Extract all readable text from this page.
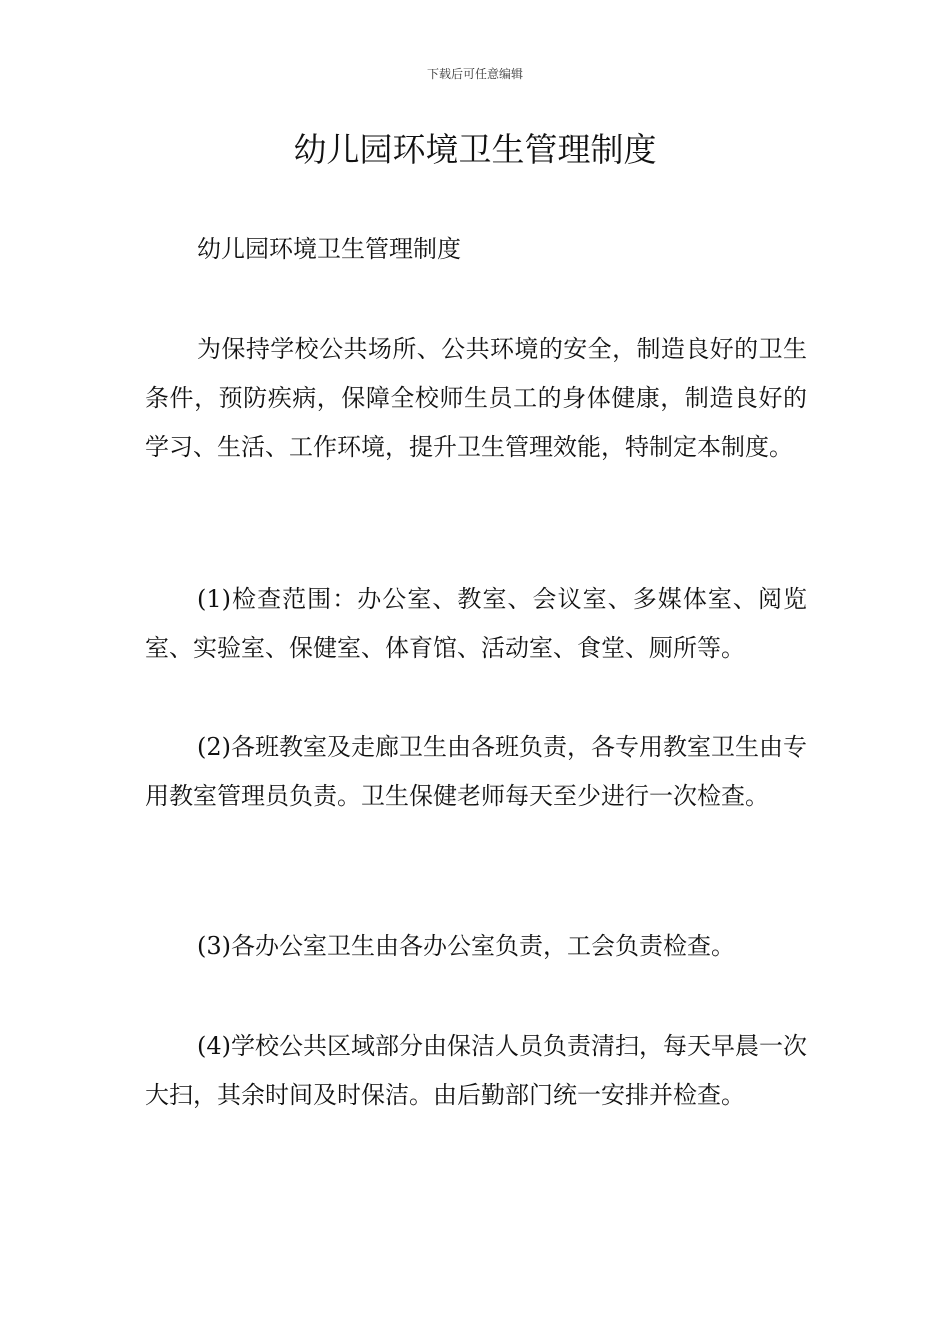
下载后可任意编辑
幼儿园环境卫生管理制度

幼儿园环境卫生管理制度

为保持学校公共场所、公共环境的安全，制造良好的卫生条件，预防疾病，保障全校师生员工的身体健康，制造良好的学习、生活、工作环境，提升卫生管理效能，特制定本制度。

(1)检查范围：办公室、教室、会议室、多媒体室、阅览室、实验室、保健室、体育馆、活动室、食堂、厕所等。

(2)各班教室及走廊卫生由各班负责，各专用教室卫生由专用教室管理员负责。卫生保健老师每天至少进行一次检查。

(3)各办公室卫生由各办公室负责，工会负责检查。

(4)学校公共区域部分由保洁人员负责清扫，每天早晨一次大扫，其余时间及时保洁。由后勤部门统一安排并检查。
